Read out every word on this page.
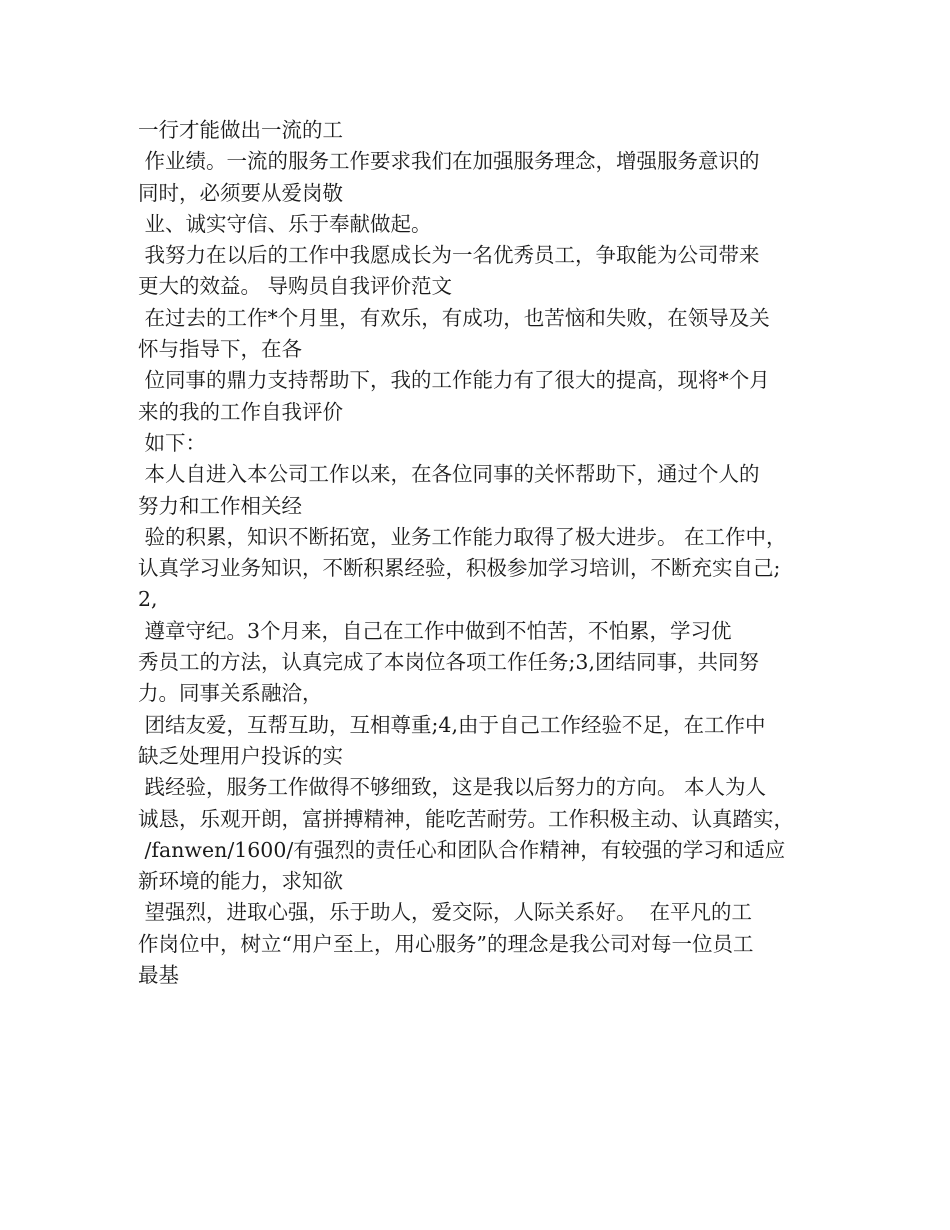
一行才能做出一流的工
作业绩。一流的服务工作要求我们在加强服务理念，增强服务意识的
同时，必须要从爱岗敬
业、诚实守信、乐于奉献做起。
我努力在以后的工作中我愿成长为一名优秀员工，争取能为公司带来
更大的效益。 导购员自我评价范文
在过去的工作*个月里，有欢乐，有成功，也苦恼和失败，在领导及关
怀与指导下，在各
位同事的鼎力支持帮助下，我的工作能力有了很大的提高，现将*个月
来的我的工作自我评价
如下：
本人自进入本公司工作以来，在各位同事的关怀帮助下，通过个人的
努力和工作相关经
验的积累，知识不断拓宽，业务工作能力取得了极大进步。 在工作中，
认真学习业务知识，不断积累经验，积极参加学习培训，不断充实自己;
2,
遵章守纪。3个月来，自己在工作中做到不怕苦，不怕累，学习优
秀员工的方法，认真完成了本岗位各项工作任务;3,团结同事，共同努
力。同事关系融洽，
团结友爱，互帮互助，互相尊重;4,由于自己工作经验不足，在工作中
缺乏处理用户投诉的实
践经验，服务工作做得不够细致，这是我以后努力的方向。 本人为人
诚恳，乐观开朗，富拼搏精神，能吃苦耐劳。工作积极主动、认真踏实，
/fanwen/1600/有强烈的责任心和团队合作精神，有较强的学习和适应
新环境的能力，求知欲
望强烈，进取心强，乐于助人，爱交际，人际关系好。  在平凡的工
作岗位中，树立“用户至上，用心服务”的理念是我公司对每一位员工
最基
